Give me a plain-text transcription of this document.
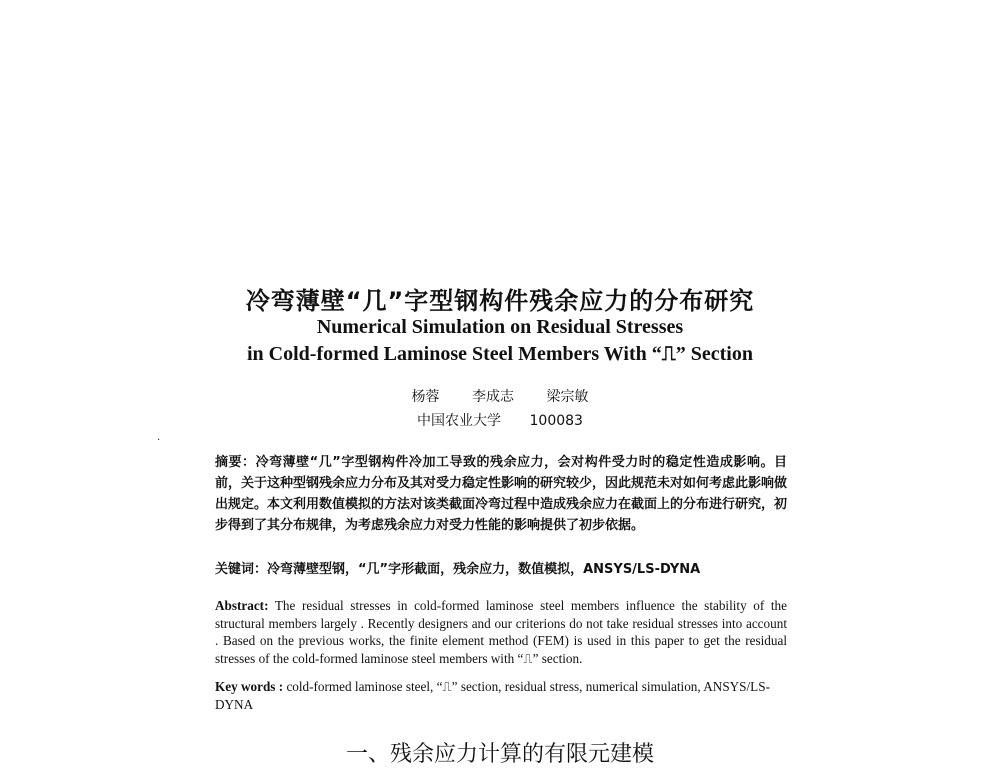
冷弯薄壁“几”字型钢构件残余应力的分布研究
Numerical Simulation on Residual Stresses
in Cold-formed Laminose Steel Members With “⎍” Section
杨蓉 李成志 梁宗敏
中国农业大学 100083
.
摘要：冷弯薄壁“几”字型钢构件冷加工导致的残余应力，会对构件受力时的稳定性造成影响。目前，关于这种型钢残余应力分布及其对受力稳定性影响的研究较少，因此规范未对如何考虑此影响做出规定。本文利用数值模拟的方法对该类截面冷弯过程中造成残余应力在截面上的分布进行研究，初步得到了其分布规律，为考虑残余应力对受力性能的影响提供了初步依据。
关键词：冷弯薄壁型钢，“几”字形截面，残余应力，数值模拟，ANSYS/LS-DYNA
Abstract: The residual stresses in cold-formed laminose steel members influence the stability of the structural members largely . Recently designers and our criterions do not take residual stresses into account . Based on the previous works, the finite element method (FEM) is used in this paper to get the residual stresses of the cold-formed laminose steel members with “⎍” section.
Key words : cold-formed laminose steel, “⎍” section, residual stress, numerical simulation, ANSYS/LS-DYNA
一、残余应力计算的有限元建模
